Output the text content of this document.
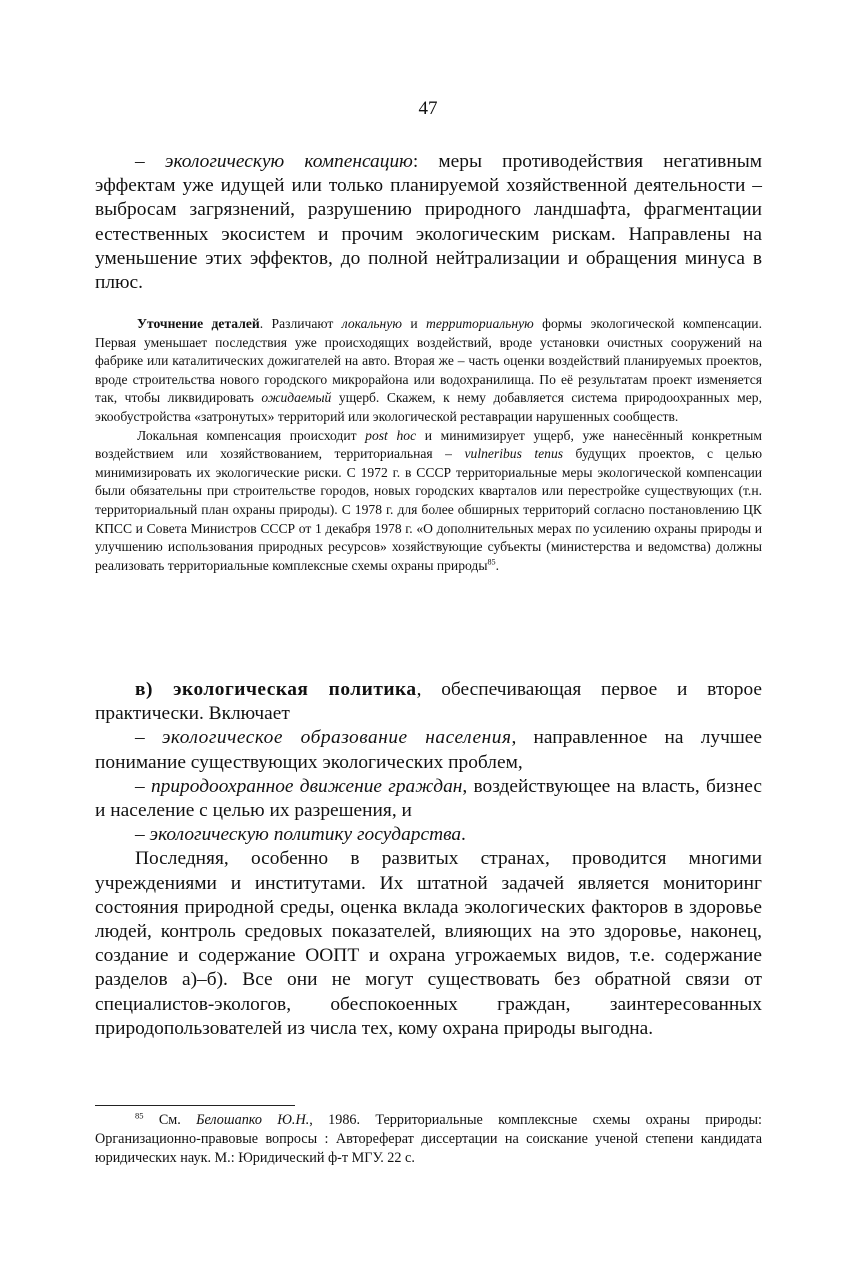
47

– экологическую компенсацию: меры противодействия негативным эффектам уже идущей или только планируемой хозяйственной деятельности – выбросам загрязнений, разрушению природного ландшафта, фрагментации естественных экосистем и прочим экологическим рискам. Направлены на уменьшение этих эффектов, до полной нейтрализации и обращения минуса в плюс.

Уточнение деталей. Различают локальную и территориальную формы экологической компенсации. Первая уменьшает последствия уже происходящих воздействий, вроде установки очистных сооружений на фабрике или каталитических дожигателей на авто. Вторая же – часть оценки воздействий планируемых проектов, вроде строительства нового городского микрорайона или водохранилища. По её результатам проект изменяется так, чтобы ликвидировать ожидаемый ущерб. Скажем, к нему добавляется система природоохранных мер, экообустройства «затронутых» территорий или экологической реставрации нарушенных сообществ.

Локальная компенсация происходит post hoc и минимизирует ущерб, уже нанесённый конкретным воздействием или хозяйствованием, территориальная – vulneribus tenus будущих проектов, с целью минимизировать их экологические риски. С 1972 г. в СССР территориальные меры экологической компенсации были обязательны при строительстве городов, новых городских кварталов или перестройке существующих (т.н. территориальный план охраны природы). С 1978 г. для более обширных территорий согласно постановлению ЦК КПСС и Совета Министров СССР от 1 декабря 1978 г. «О дополнительных мерах по усилению охраны природы и улучшению использования природных ресурсов» хозяйствующие субъекты (министерства и ведомства) должны реализовать территориальные комплексные схемы охраны природы$^{85}$.

в) экологическая политика, обеспечивающая первое и второе практически. Включает

– экологическое образование населения, направленное на лучшее понимание существующих экологических проблем,

– природоохранное движение граждан, воздействующее на власть, бизнес и население с целью их разрешения, и

– экологическую политику государства.

Последняя, особенно в развитых странах, проводится многими учреждениями и институтами. Их штатной задачей является мониторинг состояния природной среды, оценка вклада экологических факторов в здоровье людей, контроль средовых показателей, влияющих на это здоровье, наконец, создание и содержание ООПТ и охрана угрожаемых видов, т.е. содержание разделов а)–б). Все они не могут существовать без обратной связи от специалистов-экологов, обеспокоенных граждан, заинтересованных природопользователей из числа тех, кому охрана природы выгодна.

$^{85}$ См. Белошапко Ю.Н., 1986. Территориальные комплексные схемы охраны природы: Организационно-правовые вопросы : Автореферат диссертации на соискание ученой степени кандидата юридических наук. М.: Юридический ф-т МГУ. 22 с.
